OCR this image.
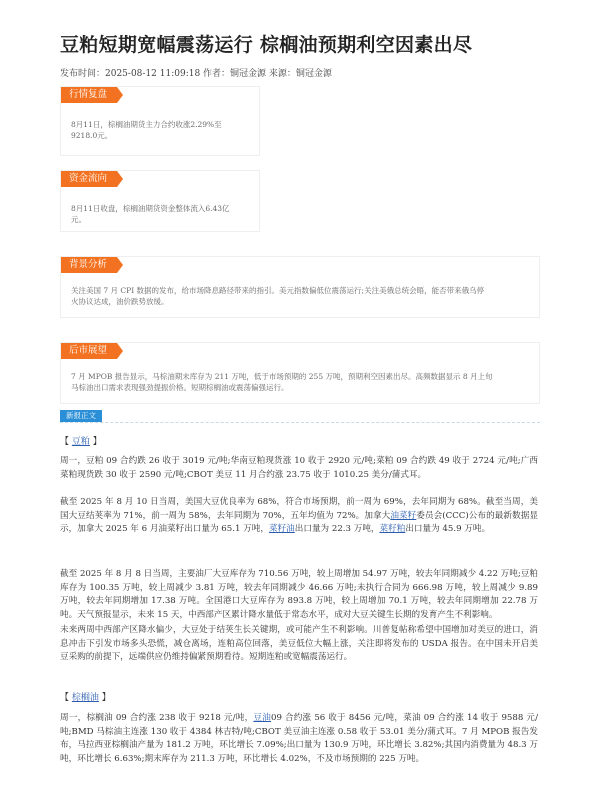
豆粕短期宽幅震荡运行 棕榈油预期利空因素出尽
发布时间：2025-08-12 11:09:18 作者：铜冠金源 来源：铜冠金源
行情复盘
8月11日，棕榈油期货主力合约收涨2.29%至
9218.0元。
资金流向
8月11日收盘，棕榈油期货资金整体流入6.43亿
元。
背景分析
关注美国 7 月 CPI 数据的发布，给市场降息路径带来的指引。美元指数偏低位震荡运行;关注美俄总统会晤，能否带来俄乌停
火协议达成，油价跌势放缓。
后市展望
7 月 MPOB 报告显示，马棕油期末库存为 211 万吨，低于市场预期的 255 万吨，预期利空因素出尽。高频数据显示 8 月上旬
马棕油出口需求表现强劲提振价格。短期棕榈油或震荡偏强运行。
新报正文
【 豆粕 】
周一，豆粕 09 合约跌 26 收于 3019 元/吨;华南豆粕现货涨 10 收于 2920 元/吨;菜粕 09 合约跌 49 收于 2724 元/吨;广西菜粕现货跌 30 收于 2590 元/吨;CBOT 美豆 11 月合约涨 23.75 收于 1010.25 美分/蒲式耳。
截至 2025 年 8 月 10 日当周，美国大豆优良率为 68%，符合市场预期，前一周为 69%，去年同期为 68%。截至当周，美国大豆结荚率为 71%，前一周为 58%，去年同期为 70%，五年均值为 72%。加拿大油菜籽委员会(CCC)公布的最新数据显示，加拿大 2025 年 6 月油菜籽出口量为 65.1 万吨，菜籽油出口量为 22.3 万吨，菜籽粕出口量为 45.9 万吨。
截至 2025 年 8 月 8 日当周，主要油厂大豆库存为 710.56 万吨，较上周增加 54.97 万吨，较去年同期减少 4.22 万吨;豆粕库存为 100.35 万吨，较上周减少 3.81 万吨，较去年同期减少 46.66 万吨;未执行合同为 666.98 万吨，较上周减少 9.89 万吨，较去年同期增加 17.38 万吨。全国港口大豆库存为 893.8 万吨，较上周增加 70.1 万吨，较去年同期增加 22.78 万吨。天气预报显示，未来 15 天，中西部产区累计降水量低于常态水平，成对大豆关键生长期的发育产生不利影响。
未来两周中西部产区降水偏少，大豆处于结荚生长关键期，或可能产生不利影响。川普复帖称希望中国增加对美豆的进口，消息冲击下引发市场多头恐慌，减仓离场，连粕高位回落，美豆低位大幅上涨，关注即将发布的 USDA 报告。在中国未开启美豆采购的前提下，远端供应仍维持偏紧预期看待。短期连粕或宽幅震荡运行。
【 棕榈油 】
周一，棕榈油 09 合约涨 238 收于 9218 元/吨，豆油09 合约涨 56 收于 8456 元/吨，菜油 09 合约涨 14 收于 9588 元/吨;BMD 马棕油主连涨 130 收于 4384 林吉特/吨;CBOT 美豆油主连涨 0.58 收于 53.01 美分/蒲式耳。7 月 MPOB 报告发布，马拉西亚棕榈油产量为 181.2 万吨，环比增长 7.09%;出口量为 130.9 万吨，环比增长 3.82%;其国内消费量为 48.3 万吨，环比增长 6.63%;期末库存为 211.3 万吨，环比增长 4.02%，不及市场预期的 225 万吨。
